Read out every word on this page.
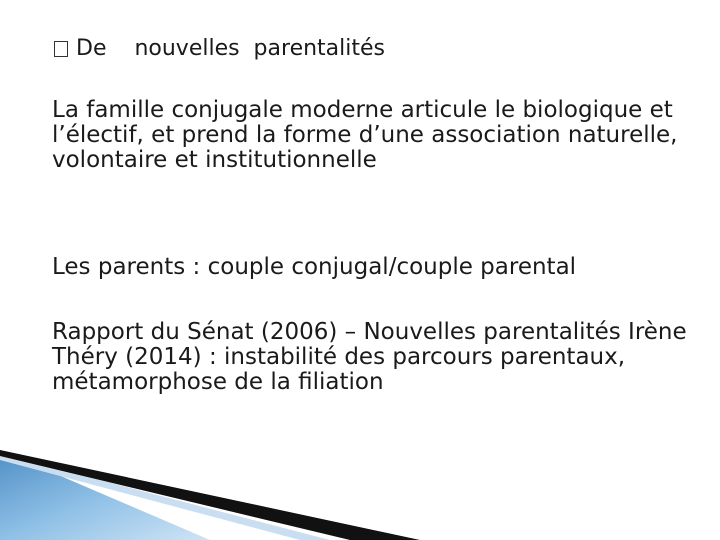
De    nouvelles  parentalités
La famille conjugale moderne articule le biologique et l’électif, et prend la forme d’une association naturelle, volontaire et institutionnelle
Les parents : couple conjugal/couple parental
Rapport du Sénat (2006) – Nouvelles parentalités Irène Théry (2014) : instabilité des parcours parentaux, métamorphose de la filiation
